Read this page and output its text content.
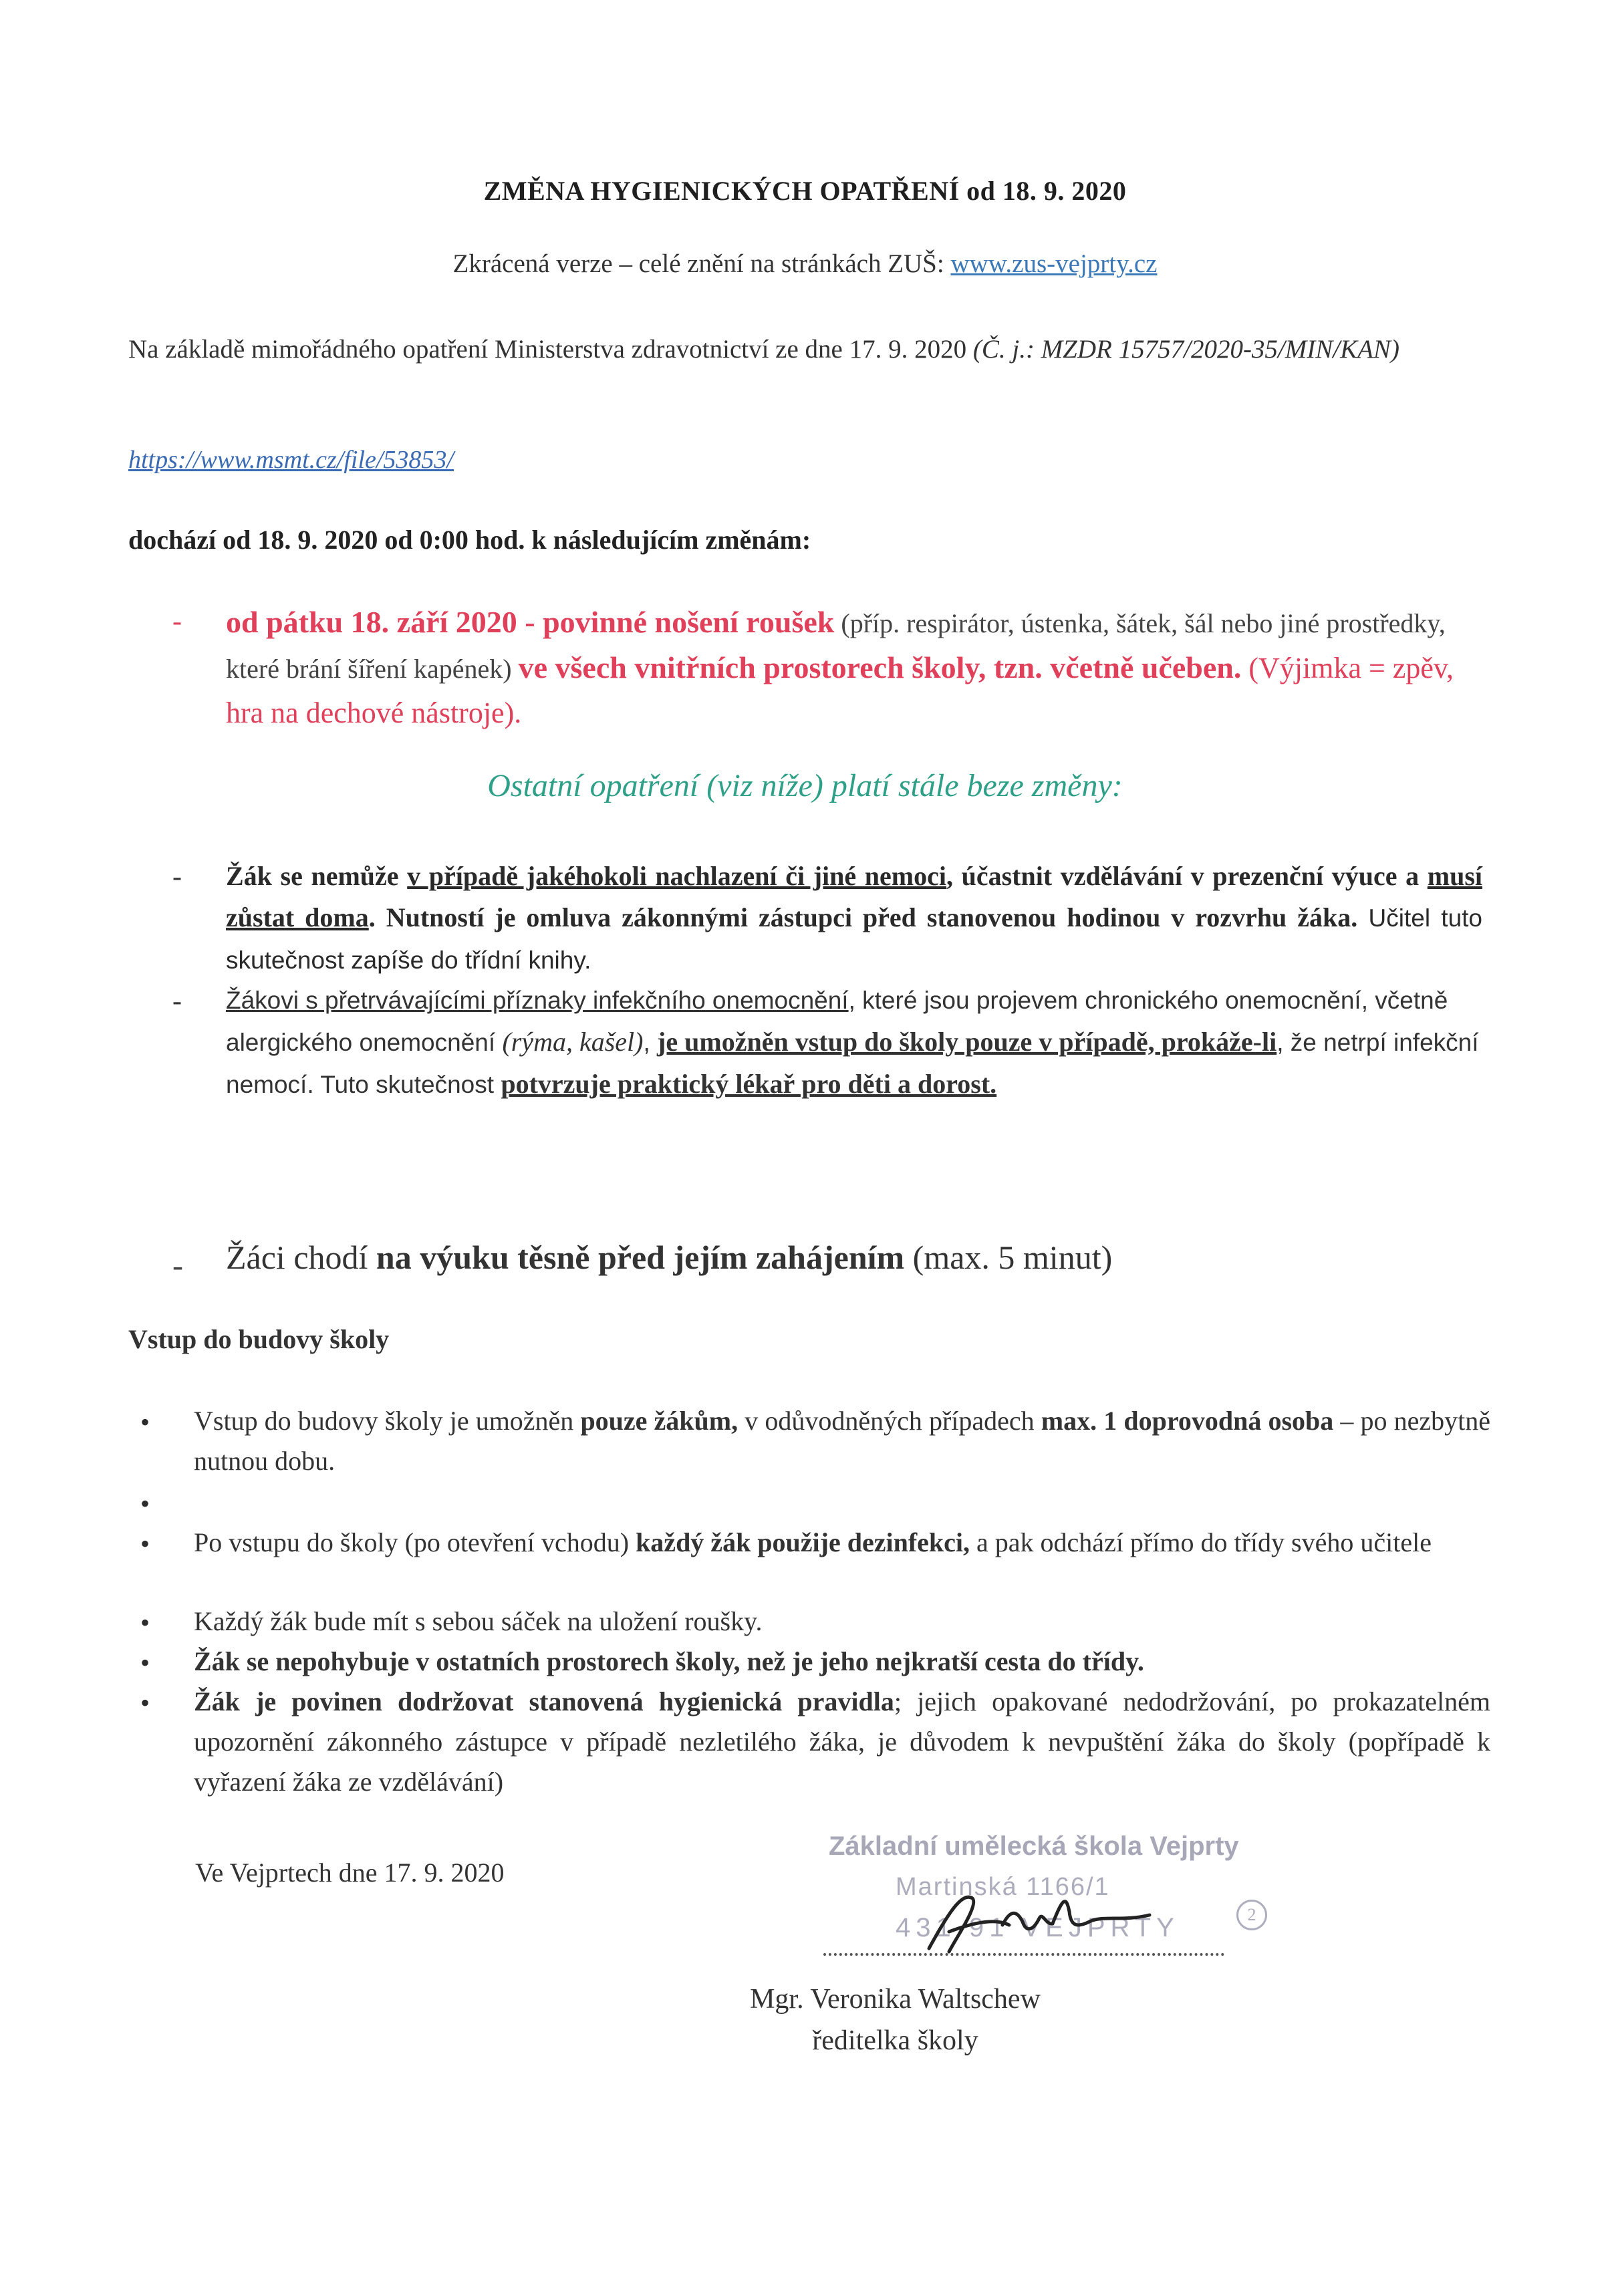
ZMĚNA HYGIENICKÝCH OPATŘENÍ od 18. 9. 2020
Zkrácená verze – celé znění na stránkách ZUŠ: www.zus-vejprty.cz
Na základě mimořádného opatření Ministerstva zdravotnictví ze dne 17. 9. 2020 (Č. j.: MZDR 15757/2020-35/MIN/KAN)
https://www.msmt.cz/file/53853/
dochází od 18. 9. 2020 od 0:00 hod. k následujícím změnám:
- od pátku 18. září 2020 - povinné nošení roušek (příp. respirátor, ústenka, šátek, šál nebo jiné prostředky, které brání šíření kapének) ve všech vnitřních prostorech školy, tzn. včetně učeben. (Výjimka = zpěv, hra na dechové nástroje).
Ostatní opatření (viz níže) platí stále beze změny:
- Žák se nemůže v případě jakéhokoli nachlazení či jiné nemoci, účastnit vzdělávání v prezenční výuce a musí zůstat doma. Nutností je omluva zákonnými zástupci před stanovenou hodinou v rozvrhu žáka. Učitel tuto skutečnost zapíše do třídní knihy.
- Žákovi s přetrvávajícími příznaky infekčního onemocnění, které jsou projevem chronického onemocnění, včetně alergického onemocnění (rýma, kašel), je umožněn vstup do školy pouze v případě, prokáže-li, že netrpí infekční nemocí. Tuto skutečnost potvrzuje praktický lékař pro děti a dorost.
- Žáci chodí na výuku těsně před jejím zahájením (max. 5 minut)
Vstup do budovy školy
• Vstup do budovy školy je umožněn pouze žákům, v odůvodněných případech max. 1 doprovodná osoba – po nezbytně nutnou dobu.
•
• Po vstupu do školy (po otevření vchodu) každý žák použije dezinfekci, a pak odchází přímo do třídy svého učitele
• Každý žák bude mít s sebou sáček na uložení roušky.
• Žák se nepohybuje v ostatních prostorech školy, než je jeho nejkratší cesta do třídy.
• Žák je povinen dodržovat stanovená hygienická pravidla; jejich opakované nedodržování, po prokazatelném upozornění zákonného zástupce v případě nezletilého žáka, je důvodem k nevpuštění žáka do školy (popřípadě k vyřazení žáka ze vzdělávání)
Ve Vejprtech dne 17. 9. 2020
Základní umělecká škola Vejprty
Martinská 1166/1
431 91 VEJPRTY	2
Mgr. Veronika Waltschew
ředitelka školy
